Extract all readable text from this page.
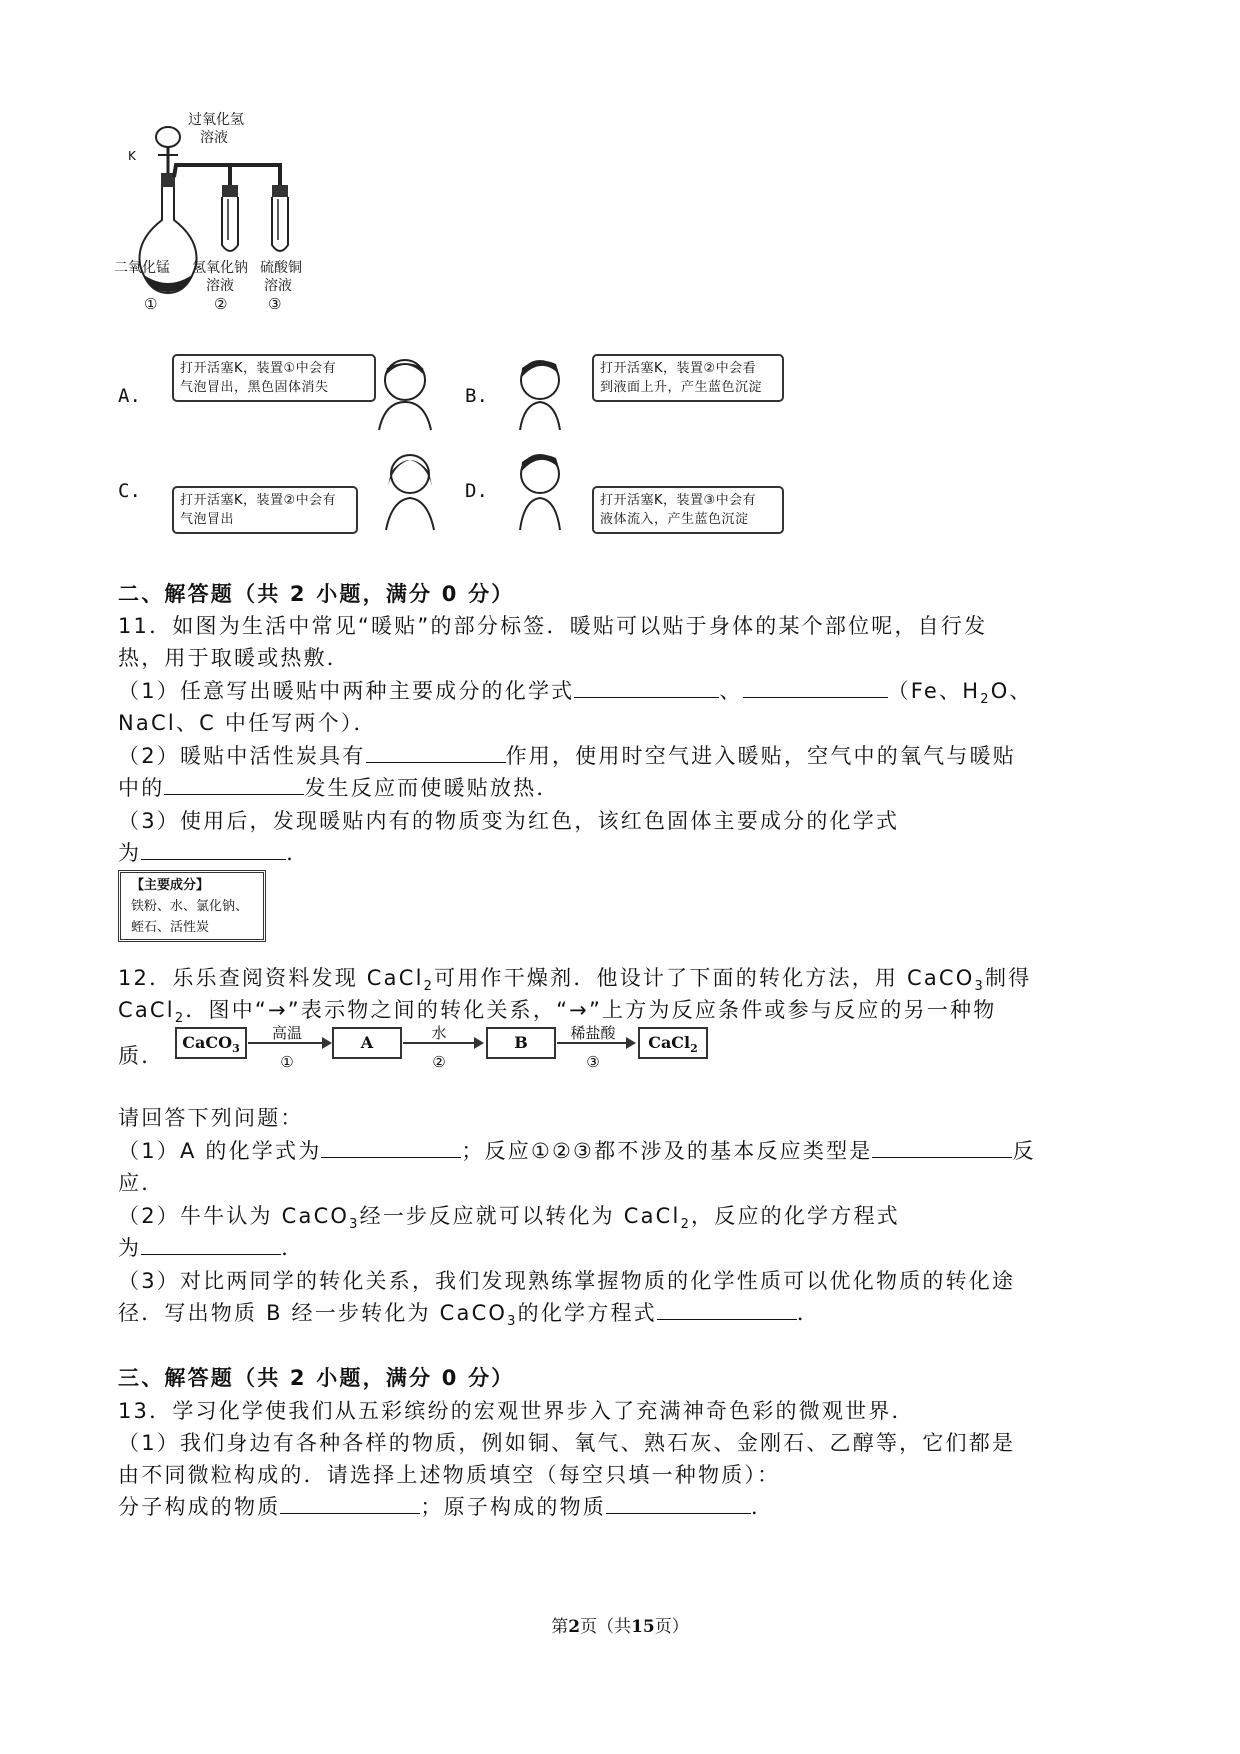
过氧化氢
溶液
K
二氧化锰 氢氧化钠
溶液
硫酸铜
溶液
①	②	③
A.
打开活塞K，装置①中会有
气泡冒出，黑色固体消失	B.
打开活塞K，装置②中会看
到液面上升，产生蓝色沉淀
C.	打开活塞K，装置②中会有
气泡冒出
D.	打开活塞K，装置③中会有
液体流入，产生蓝色沉淀
二、解答题（共 2 小题，满分 0 分）
11．如图为生活中常见“暖贴”的部分标签．暖贴可以贴于身体的某个部位呢，自行发
热，用于取暖或热敷．
（1）任意写出暖贴中两种主要成分的化学式	、	（Fe、$H_2O$、
NaCl、C 中任写两个）．
（2）暖贴中活性炭具有	作用，使用时空气进入暖贴，空气中的氧气与暖贴
中的	发生反应而使暖贴放热．
（3）使用后，发现暖贴内有的物质变为红色，该红色固体主要成分的化学式
为	．
【主要成分】
铁粉、水、氯化钠、
蛭石、活性炭
12．乐乐查阅资料发现 CaCl$_2$可用作干燥剂．他设计了下面的转化方法，用 CaCO$_3$制得
CaCl$_2$．图中“→”表示物之间的转化关系，“→”上方为反应条件或参与反应的另一种物
质．
CaCO$_3$
高温
①
A	水
②
B	稀盐酸
③
CaCl$_2$
请回答下列问题：
（1）A 的化学式为	；反应①②③都不涉及的基本反应类型是	反
应．
（2）牛牛认为 CaCO$_3$经一步反应就可以转化为 CaCl$_2$，反应的化学方程式
为	．
（3）对比两同学的转化关系，我们发现熟练掌握物质的化学性质可以优化物质的转化途
径．写出物质 B 经一步转化为 CaCO$_3$的化学方程式	．
三、解答题（共 2 小题，满分 0 分）
13．学习化学使我们从五彩缤纷的宏观世界步入了充满神奇色彩的微观世界．
（1）我们身边有各种各样的物质，例如铜、氧气、熟石灰、金刚石、乙醇等，它们都是
由不同微粒构成的．请选择上述物质填空（每空只填一种物质）：
分子构成的物质	；原子构成的物质	．
第2页（共15页）
